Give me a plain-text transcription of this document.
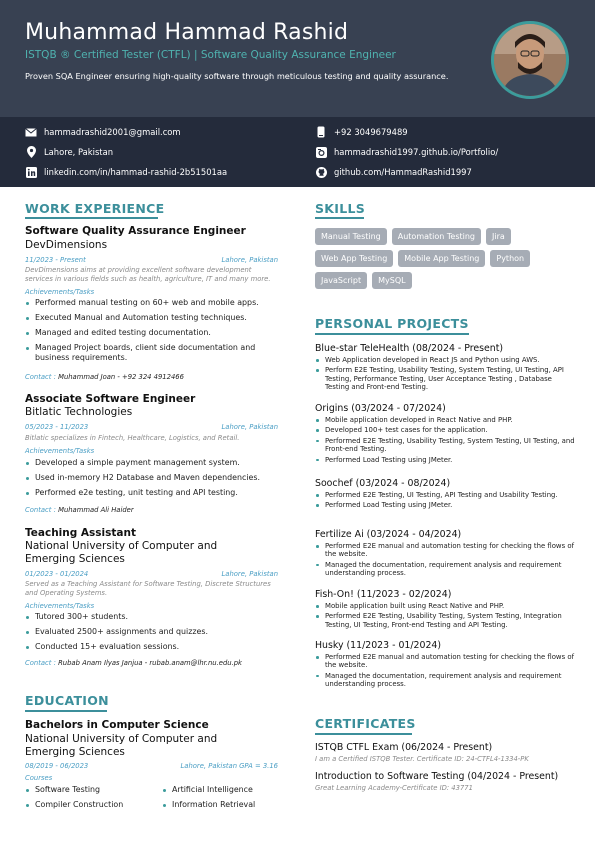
Muhammad Hammad Rashid
ISTQB ® Certified Tester (CTFL) | Software Quality Assurance Engineer
Proven SQA Engineer ensuring high-quality software through meticulous testing and quality assurance.
hammadrashid2001@gmail.com
Lahore, Pakistan
linkedin.com/in/hammad-rashid-2b51501aa
+92 3049679489
hammadrashid1997.github.io/Portfolio/
github.com/HammadRashid1997
WORK EXPERIENCE
Software Quality Assurance Engineer
DevDimensions
11/2023 - Present	Lahore, Pakistan
DevDimensions aims at providing excellent software development services in various fields such as health, agriculture, IT and many more.
Achievements/Tasks
Performed manual testing on 60+ web and mobile apps.
Executed Manual and Automation testing techniques.
Managed and edited testing documentation.
Managed Project boards, client side documentation and business requirements.
Contact : Muhammad Joan - +92 324 4912466
Associate Software Engineer
Bitlatic Technologies
05/2023 - 11/2023	Lahore, Pakistan
Bitlatic specializes in Fintech, Healthcare, Logistics, and Retail.
Achievements/Tasks
Developed a simple payment management system.
Used in-memory H2 Database and Maven dependencies.
Performed e2e testing, unit testing and API testing.
Contact : Muhammad Ali Haider
Teaching Assistant
National University of Computer and Emerging Sciences
01/2023 - 01/2024	Lahore, Pakistan
Served as a Teaching Assistant for Software Testing, Discrete Structures and Operating Systems.
Achievements/Tasks
Tutored 300+ students.
Evaluated 2500+ assignments and quizzes.
Conducted 15+ evaluation sessions.
Contact : Rubab Anam Ilyas Janjua - rubab.anam@lhr.nu.edu.pk
EDUCATION
Bachelors in Computer Science
National University of Computer and Emerging Sciences
08/2019 - 06/2023	Lahore, Pakistan GPA = 3.16
Courses
Software Testing
Compiler Construction
Artificial Intelligence
Information Retrieval
SKILLS
Manual Testing	Automation Testing	Jira
Web App Testing	Mobile App Testing	Python
JavaScript	MySQL
PERSONAL PROJECTS
Blue-star TeleHealth (08/2024 - Present)
Web Application developed in React JS and Python using AWS.
Perform E2E Testing, Usability Testing, System Testing, UI Testing, API Testing, Performance Testing, User Acceptance Testing , Database Testing and Front-end Testing.
Origins (03/2024 - 07/2024)
Mobile application developed in React Native and PHP.
Developed 100+ test cases for the application.
Performed E2E Testing, Usability Testing, System Testing, UI Testing, and Front-end Testing.
Performed Load Testing using JMeter.
Soochef (03/2024 - 08/2024)
Performed E2E Testing, UI Testing, API Testing and Usability Testing.
Performed Load Testing using JMeter.
Fertilize Ai (03/2024 - 04/2024)
Performed E2E manual and automation testing for checking the flows of the website.
Managed the documentation, requirement analysis and requirement understanding process.
Fish-On! (11/2023 - 02/2024)
Mobile application built using React Native and PHP.
Performed E2E Testing, Usability Testing, System Testing, Integration Testing, UI Testing, Front-end Testing and API Testing.
Husky (11/2023 - 01/2024)
Performed E2E manual and automation testing for checking the flows of the website.
Managed the documentation, requirement analysis and requirement understanding process.
CERTIFICATES
ISTQB CTFL Exam (06/2024 - Present)
I am a Certified ISTQB Tester. Certificate ID: 24-CTFL4-1334-PK
Introduction to Software Testing (04/2024 - Present)
Great Learning Academy-Certificate ID: 43771
